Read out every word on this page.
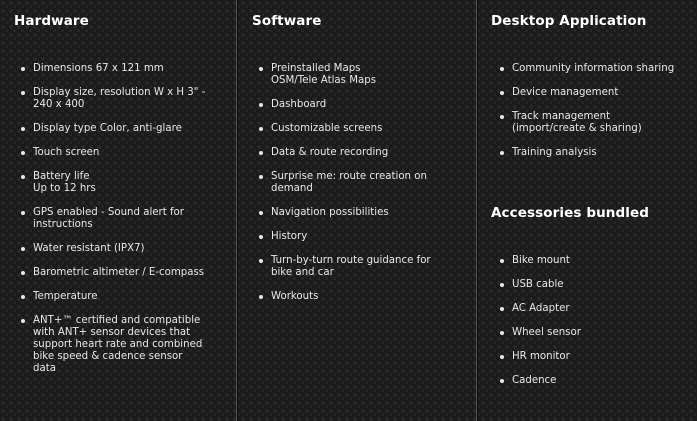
Hardware
Dimensions 67 x 121 mm
Display size, resolution W x H 3" - 240 x 400
Display type Color, anti-glare
Touch screen
Battery life
Up to 12 hrs
GPS enabled - Sound alert for instructions
Water resistant (IPX7)
Barometric altimeter / E-compass
Temperature
ANT+™ certified and compatible with ANT+ sensor devices that support heart rate and combined bike speed & cadence sensor data
Software
Preinstalled Maps
OSM/Tele Atlas Maps
Dashboard
Customizable screens
Data & route recording
Surprise me: route creation on demand
Navigation possibilities
History
Turn-by-turn route guidance for bike and car
Workouts
Desktop Application
Community information sharing
Device management
Track management
(import/create & sharing)
Training analysis
Accessories bundled
Bike mount
USB cable
AC Adapter
Wheel sensor
HR monitor
Cadence
